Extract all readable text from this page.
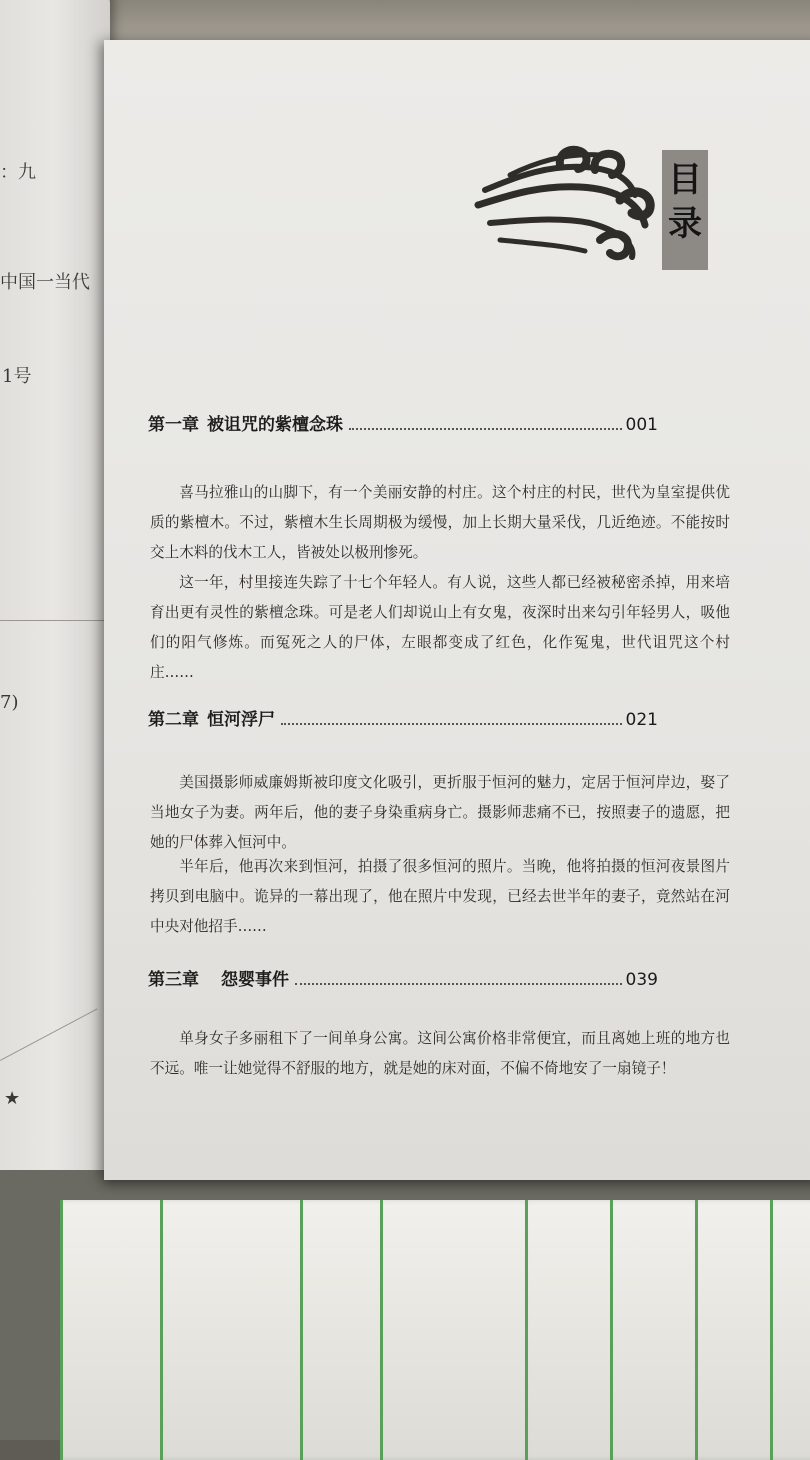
：九
中国一当代
1号
7)
★
目录
第一章 被诅咒的紫檀念珠	001

喜马拉雅山的山脚下，有一个美丽安静的村庄。这个村庄的村民，世代为皇室提供优质的紫檀木。不过，紫檀木生长周期极为缓慢，加上长期大量采伐，几近绝迹。不能按时交上木料的伐木工人，皆被处以极刑惨死。

这一年，村里接连失踪了十七个年轻人。有人说，这些人都已经被秘密杀掉，用来培育出更有灵性的紫檀念珠。可是老人们却说山上有女鬼，夜深时出来勾引年轻男人，吸他们的阳气修炼。而冤死之人的尸体，左眼都变成了红色，化作冤鬼，世代诅咒这个村庄……

第二章 恒河浮尸	021

美国摄影师威廉姆斯被印度文化吸引，更折服于恒河的魅力，定居于恒河岸边，娶了当地女子为妻。两年后，他的妻子身染重病身亡。摄影师悲痛不已，按照妻子的遗愿，把她的尸体葬入恒河中。

半年后，他再次来到恒河，拍摄了很多恒河的照片。当晚，他将拍摄的恒河夜景图片拷贝到电脑中。诡异的一幕出现了，他在照片中发现，已经去世半年的妻子，竟然站在河中央对他招手……

第三章 怨婴事件	039

单身女子多丽租下了一间单身公寓。这间公寓价格非常便宜，而且离她上班的地方也不远。唯一让她觉得不舒服的地方，就是她的床对面，不偏不倚地安了一扇镜子！
